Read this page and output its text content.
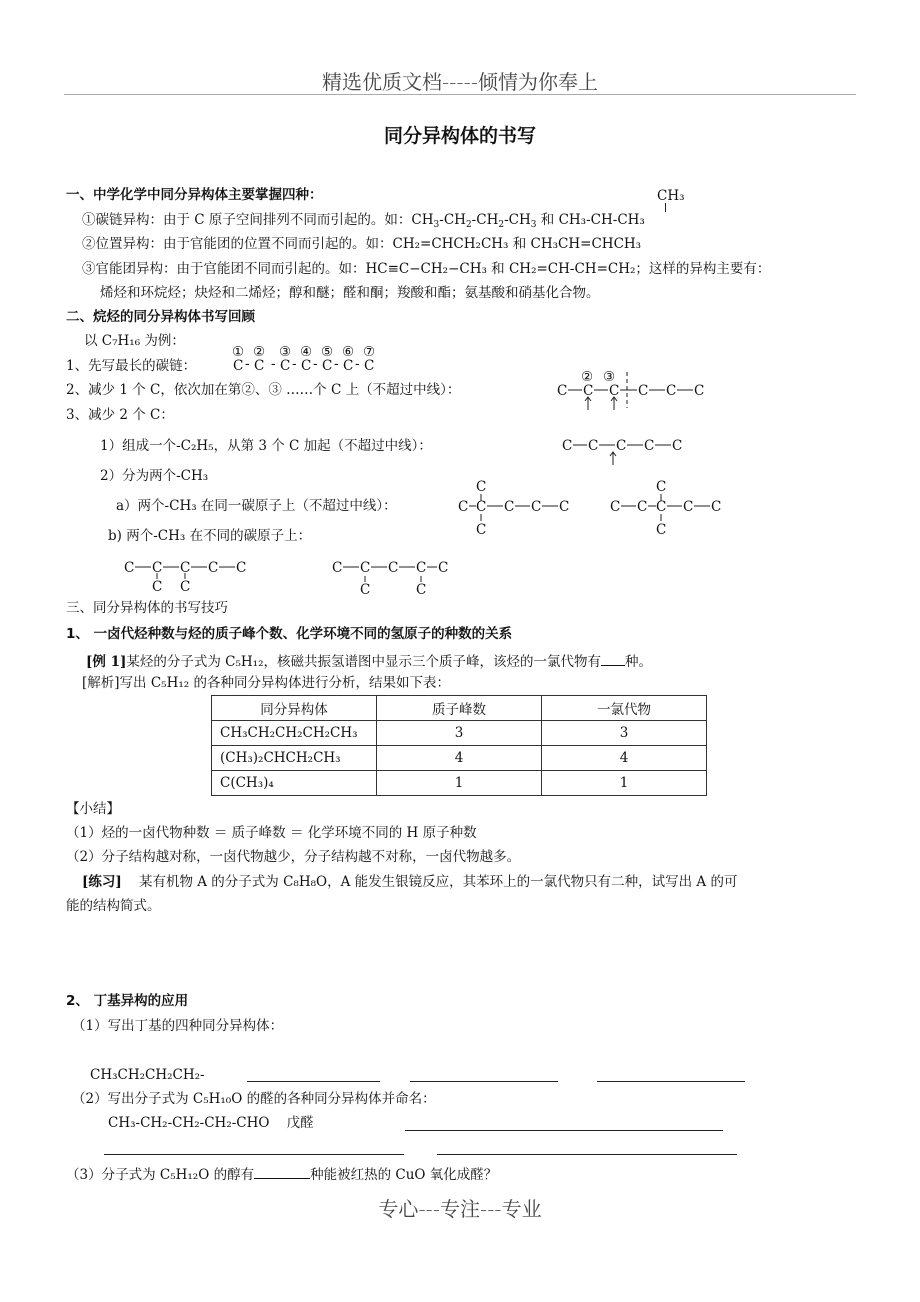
精选优质文档-----倾情为你奉上
同分异构体的书写
一、中学化学中同分异构体主要掌握四种：
①碳链异构：由于 C 原子空间排列不同而引起的。如：$CH_3-CH_2-CH_2-CH_3$ 和 CH₃-CH-CH₃
CH₃
②位置异构：由于官能团的位置不同而引起的。如：CH₂=CHCH₂CH₃ 和 CH₃CH=CHCH₃
③官能团异构：由于官能团不同而引起的。如：HC≡C−CH₂−CH₃ 和 CH₂=CH-CH=CH₂；这样的异构主要有：
烯烃和环烷烃；炔烃和二烯烃；醇和醚；醛和酮；羧酸和酯；氨基酸和硝基化合物。
二、烷烃的同分异构体书写回顾
以 C₇H₁₆ 为例：
1、先写最长的碳链：
①
C
②
C
-
③
C
-
④
C
-
⑤
C
-
⑥
C
-
⑦
C
-
2、减少 1 个 C，依次加在第②、③ ……个 C 上（不超过中线）：
② ③
C C C C C C
3、减少 2 个 C：
1）组成一个-C₂H₅，从第 3 个 C 加起（不超过中线）：	C C C C C
2）分为两个-CH₃
a）两个-CH₃ 在同一碳原子上（不超过中线）：
C
C C C C C
C
C
C C C C C
C
b) 两个-CH₃ 在不同的碳原子上：
C C C C C
C C
C C C C C
C	C
三、同分异构体的书写技巧
1、 一卤代烃种数与烃的质子峰个数、化学环境不同的氢原子的种数的关系
[例 1]某烃的分子式为 C₅H₁₂，核磁共振氢谱图中显示三个质子峰，该烃的一氯代物有 种。
[解析]写出 C₅H₁₂ 的各种同分异构体进行分析，结果如下表：
同分异构体	质子峰数	一氯代物
CH₃CH₂CH₂CH₂CH₃	3	3
(CH₃)₂CHCH₂CH₃	4	4
C(CH₃)₄	1	1
【小结】
（1）烃的一卤代物种数 ＝ 质子峰数 ＝ 化学环境不同的 H 原子种数
（2）分子结构越对称，一卤代物越少，分子结构越不对称，一卤代物越多。
[练习] 某有机物 A 的分子式为 C₈H₈O，A 能发生银镜反应，其苯环上的一氯代物只有二种，试写出 A 的可
能的结构简式。
2、 丁基异构的应用
（1）写出丁基的四种同分异构体：
CH₃CH₂CH₂CH₂-
（2）写出分子式为 C₅H₁₀O 的醛的各种同分异构体并命名：
CH₃-CH₂-CH₂-CH₂-CHO 戊醛
（3）分子式为 C₅H₁₂O 的醇有	种能被红热的 CuO 氧化成醛？
专心---专注---专业
